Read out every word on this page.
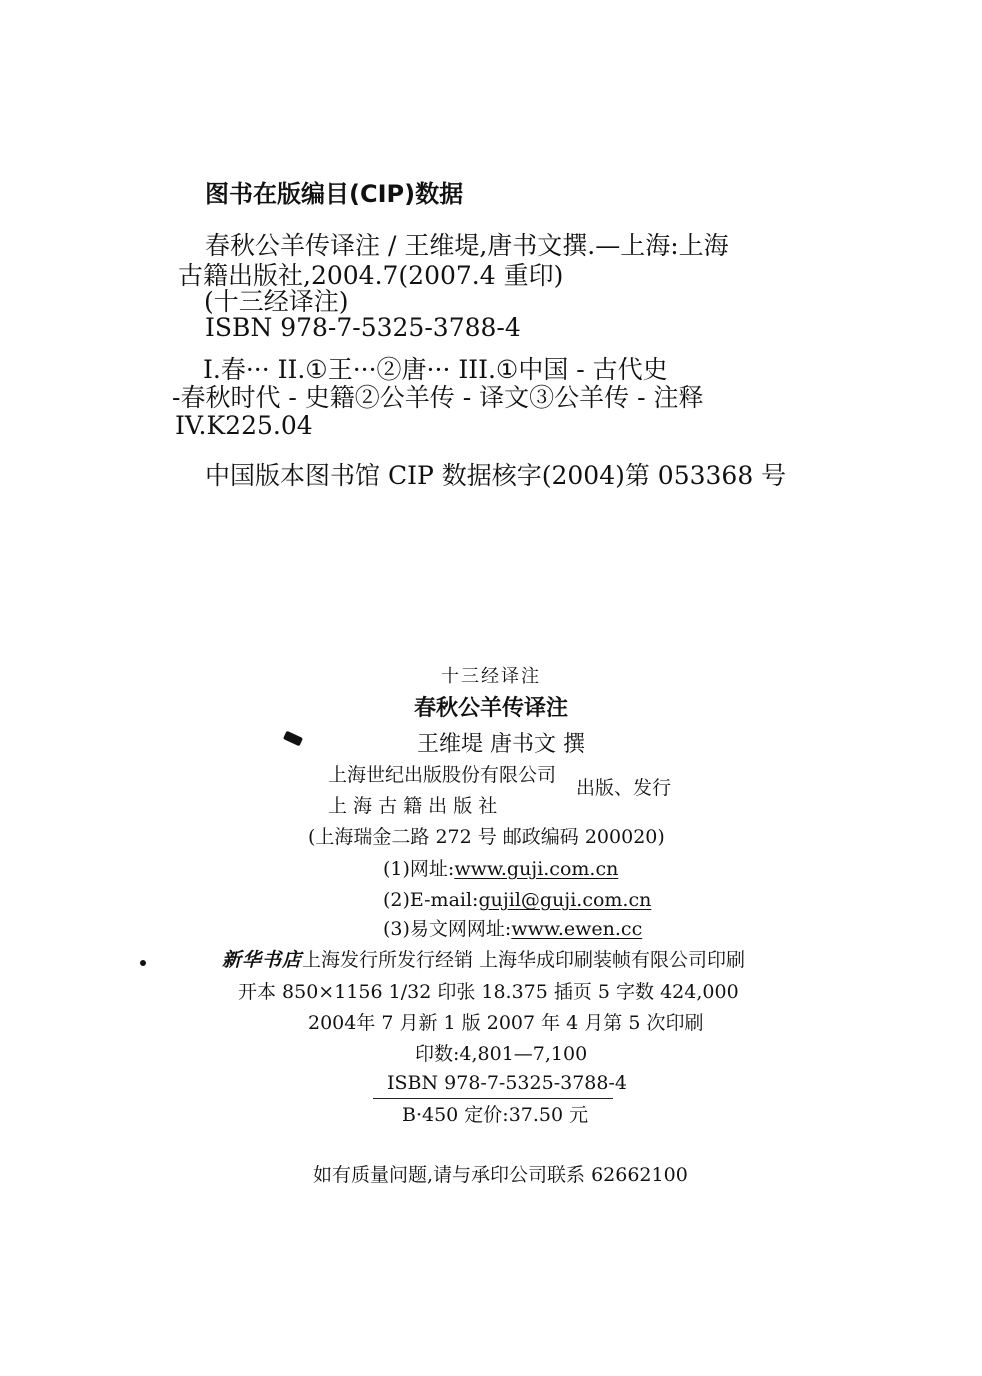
图书在版编目(CIP)数据
春秋公羊传译注 / 王维堤,唐书文撰.—上海:上海
古籍出版社,2004.7(2007.4 重印)
(十三经译注)
ISBN 978-7-5325-3788-4
I.春··· II.①王···②唐··· III.①中国 - 古代史
-春秋时代 - 史籍②公羊传 - 译文③公羊传 - 注释
IV.K225.04
中国版本图书馆 CIP 数据核字(2004)第 053368 号
十三经译注
春秋公羊传译注
王维堤 唐书文 撰
上海世纪出版股份有限公司
出版、发行
上 海 古 籍 出 版 社
(上海瑞金二路 272 号 邮政编码 200020)
(1)网址:www.guji.com.cn
(2)E-mail:gujil@guji.com.cn
(3)易文网网址:www.ewen.cc
新华书店上海发行所发行经销 上海华成印刷装帧有限公司印刷
开本 850×1156 1/32 印张 18.375 插页 5 字数 424,000
2004年 7 月新 1 版 2007 年 4 月第 5 次印刷
印数:4,801—7,100
ISBN 978-7-5325-3788-4
B·450 定价:37.50 元
如有质量问题,请与承印公司联系 62662100
